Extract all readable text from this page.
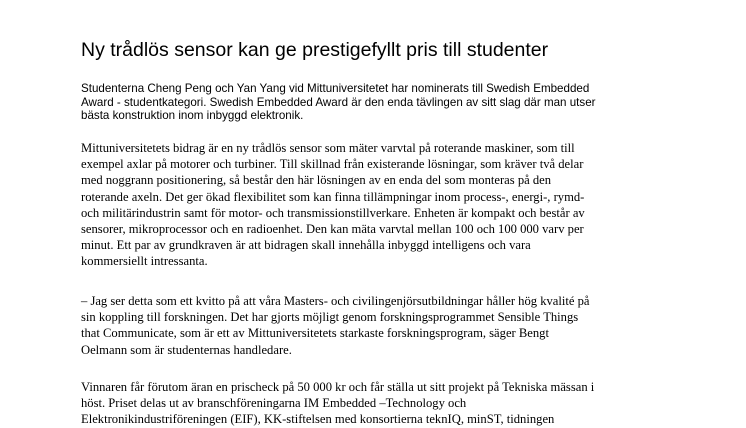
Ny trådlös sensor kan ge prestigefyllt pris till studenter
Studenterna Cheng Peng och Yan Yang vid Mittuniversitetet har nominerats till Swedish Embedded
Award - studentkategori. Swedish Embedded Award är den enda tävlingen av sitt slag där man utser
bästa konstruktion inom inbyggd elektronik.
Mittuniversitetets bidrag är en ny trådlös sensor som mäter varvtal på roterande maskiner, som till
exempel axlar på motorer och turbiner. Till skillnad från existerande lösningar, som kräver två delar
med noggrann positionering, så består den här lösningen av en enda del som monteras på den
roterande axeln. Det ger ökad flexibilitet som kan finna tillämpningar inom process-, energi-, rymd-
och militärindustrin samt för motor- och transmissionstillverkare. Enheten är kompakt och består av
sensorer, mikroprocessor och en radioenhet. Den kan mäta varvtal mellan 100 och 100 000 varv per
minut. Ett par av grundkraven är att bidragen skall innehålla inbyggd intelligens och vara
kommersiellt intressanta.
– Jag ser detta som ett kvitto på att våra Masters- och civilingenjörsutbildningar håller hög kvalité på
sin koppling till forskningen. Det har gjorts möjligt genom forskningsprogrammet Sensible Things
that Communicate, som är ett av Mittuniversitetets starkaste forskningsprogram, säger Bengt
Oelmann som är studenternas handledare.
Vinnaren får förutom äran en prischeck på 50 000 kr och får ställa ut sitt projekt på Tekniska mässan i
höst. Priset delas ut av branschföreningarna IM Embedded –Technology och
Elektronikindustriföreningen (EIF), KK-stiftelsen med konsortierna teknIQ, minST, tidningen
